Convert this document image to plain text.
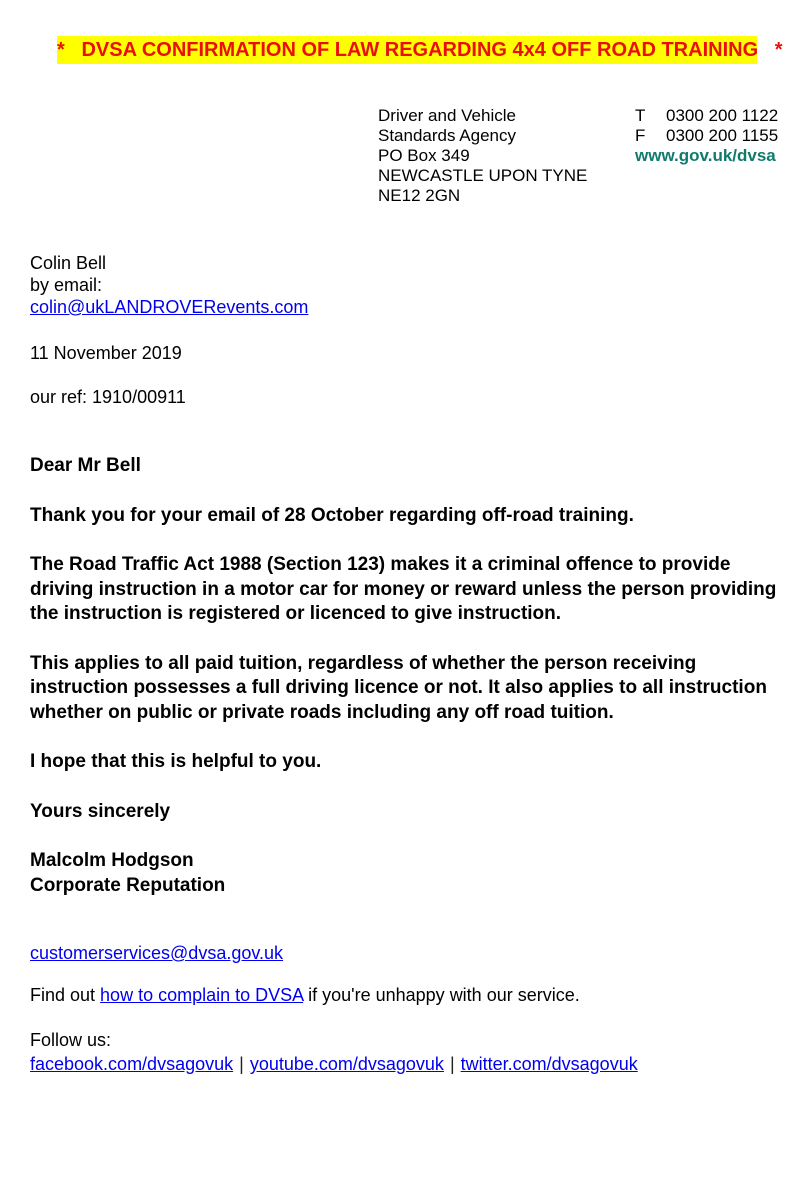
*   DVSA CONFIRMATION OF LAW REGARDING 4x4 OFF ROAD TRAINING   *
Driver and Vehicle
Standards Agency
PO Box 349
NEWCASTLE UPON TYNE
NE12 2GN
T	0300 200 1122
F	0300 200 1155
www.gov.uk/dvsa
Colin Bell
by email:
colin@ukLANDROVERevents.com
11 November 2019
our ref: 1910/00911

Dear Mr Bell

Thank you for your email of 28 October regarding off-road training.

The Road Traffic Act 1988 (Section 123) makes it a criminal offence to provide driving instruction in a motor car for money or reward unless the person providing the instruction is registered or licenced to give instruction.

This applies to all paid tuition, regardless of whether the person receiving instruction possesses a full driving licence or not. It also applies to all instruction whether on public or private roads including any off road tuition.

I hope that this is helpful to you.

Yours sincerely

Malcolm Hodgson
Corporate Reputation
customerservices@dvsa.gov.uk
Find out how to complain to DVSA if you're unhappy with our service.
Follow us:
facebook.com/dvsagovuk | youtube.com/dvsagovuk | twitter.com/dvsagovuk
